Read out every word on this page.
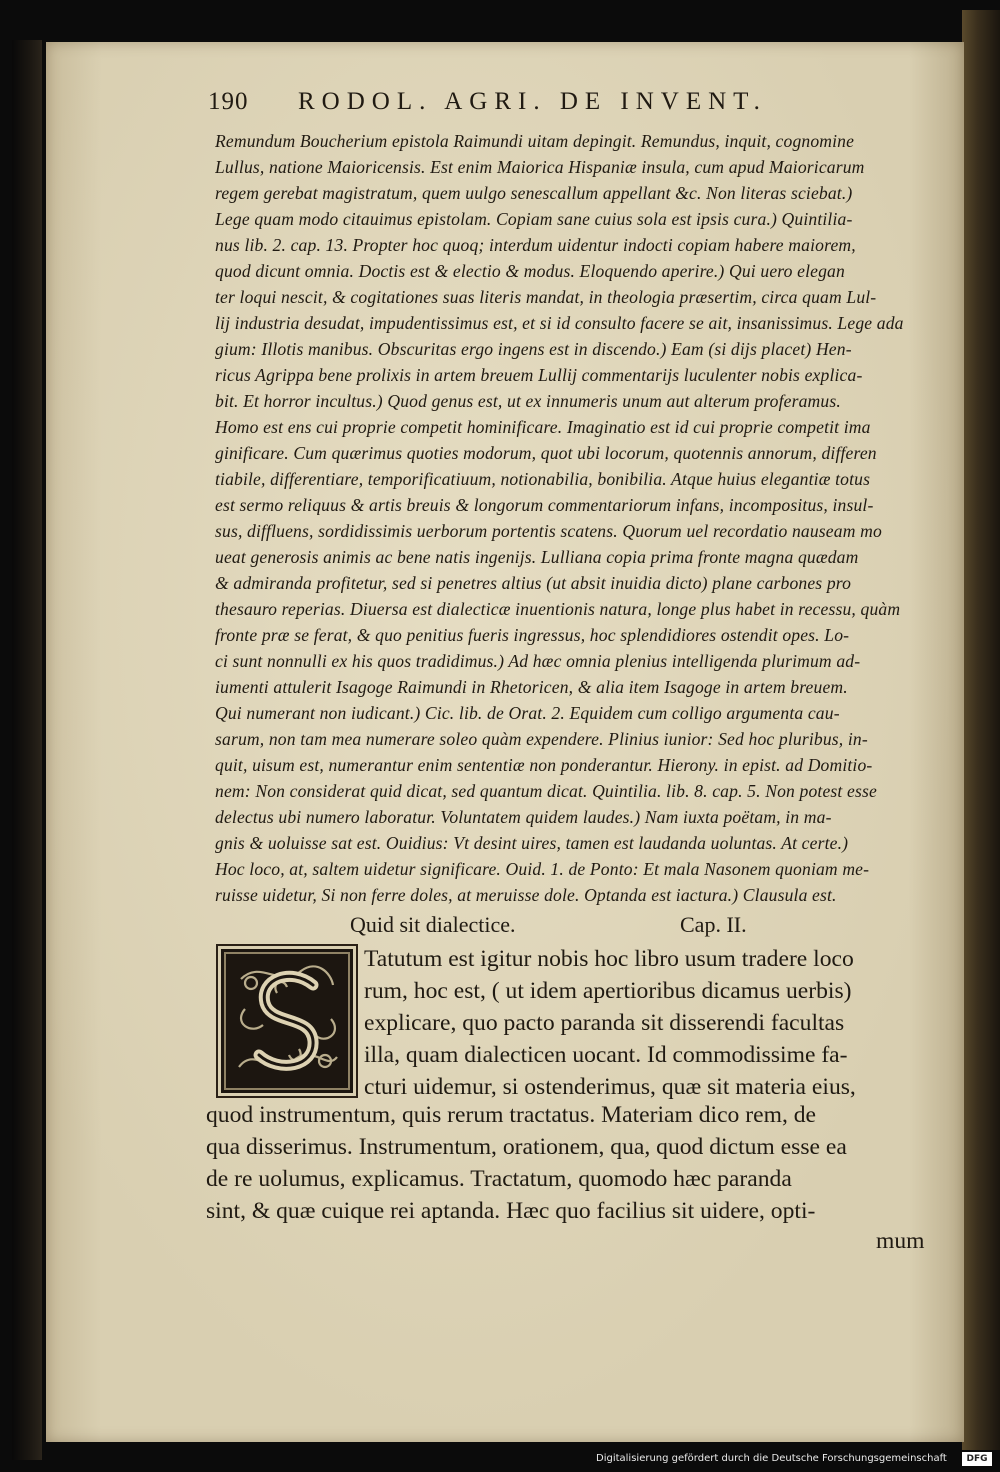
190 RODOL. AGRI. DE INVENT.
Remundum Boucherium epistola Raimundi uitam depingit. Remundus, inquit, cognomine
Lullus, natione Maioricensis. Est enim Maiorica Hispaniæ insula, cum apud Maioricarum
regem gerebat magistratum, quem uulgo senescallum appellant &c. Non literas sciebat.)
Lege quam modo citauimus epistolam. Copiam sane cuius sola est ipsis cura.) Quintilia-
nus lib. 2. cap. 13. Propter hoc quoq; interdum uidentur indocti copiam habere maiorem,
quod dicunt omnia. Doctis est & electio & modus. Eloquendo aperire.) Qui uero elegan
ter loqui nescit, & cogitationes suas literis mandat, in theologia præsertim, circa quam Lul-
lij industria desudat, impudentissimus est, et si id consulto facere se ait, insanissimus. Lege ada
gium: Illotis manibus. Obscuritas ergo ingens est in discendo.) Eam (si dijs placet) Hen-
ricus Agrippa bene prolixis in artem breuem Lullij commentarijs luculenter nobis explica-
bit. Et horror incultus.) Quod genus est, ut ex innumeris unum aut alterum proferamus.
Homo est ens cui proprie competit hominificare. Imaginatio est id cui proprie competit ima
ginificare. Cum quærimus quoties modorum, quot ubi locorum, quotennis annorum, differen
tiabile, differentiare, temporificatiuum, notionabilia, bonibilia. Atque huius elegantiæ totus
est sermo reliquus & artis breuis & longorum commentariorum infans, incompositus, insul-
sus, diffluens, sordidissimis uerborum portentis scatens. Quorum uel recordatio nauseam mo
ueat generosis animis ac bene natis ingenijs. Lulliana copia prima fronte magna quædam
& admiranda profitetur, sed si penetres altius (ut absit inuidia dicto) plane carbones pro
thesauro reperias. Diuersa est dialecticæ inuentionis natura, longe plus habet in recessu, quàm
fronte præ se ferat, & quo penitius fueris ingressus, hoc splendidiores ostendit opes. Lo-
ci sunt nonnulli ex his quos tradidimus.) Ad hæc omnia plenius intelligenda plurimum ad-
iumenti attulerit Isagoge Raimundi in Rhetoricen, & alia item Isagoge in artem breuem.
Qui numerant non iudicant.) Cic. lib. de Orat. 2. Equidem cum colligo argumenta cau-
sarum, non tam mea numerare soleo quàm expendere. Plinius iunior: Sed hoc pluribus, in-
quit, uisum est, numerantur enim sententiæ non ponderantur. Hierony. in epist. ad Domitio-
nem: Non considerat quid dicat, sed quantum dicat. Quintilia. lib. 8. cap. 5. Non potest esse
delectus ubi numero laboratur. Voluntatem quidem laudes.) Nam iuxta poëtam, in ma-
gnis & uoluisse sat est. Ouidius: Vt desint uires, tamen est laudanda uoluntas. At certe.)
Hoc loco, at, saltem uidetur significare. Ouid. 1. de Ponto: Et mala Nasonem quoniam me-
ruisse uidetur, Si non ferre doles, at meruisse dole. Optanda est iactura.) Clausula est.
Quid sit dialectice.	Cap. II.
Tatutum est igitur nobis hoc libro usum tradere loco
rum, hoc est, ( ut idem apertioribus dicamus uerbis)
explicare, quo pacto paranda sit disserendi facultas
illa, quam dialecticen uocant. Id commodissime fa-
cturi uidemur, si ostenderimus, quæ sit materia eius,
quod instrumentum, quis rerum tractatus. Materiam dico rem, de
qua disserimus. Instrumentum, orationem, qua, quod dictum esse ea
de re uolumus, explicamus. Tractatum, quomodo hæc paranda
sint, & quæ cuique rei aptanda. Hæc quo facilius sit uidere, opti-
mum
Digitalisierung gefördert durch die Deutsche Forschungsgemeinschaft	DFG
